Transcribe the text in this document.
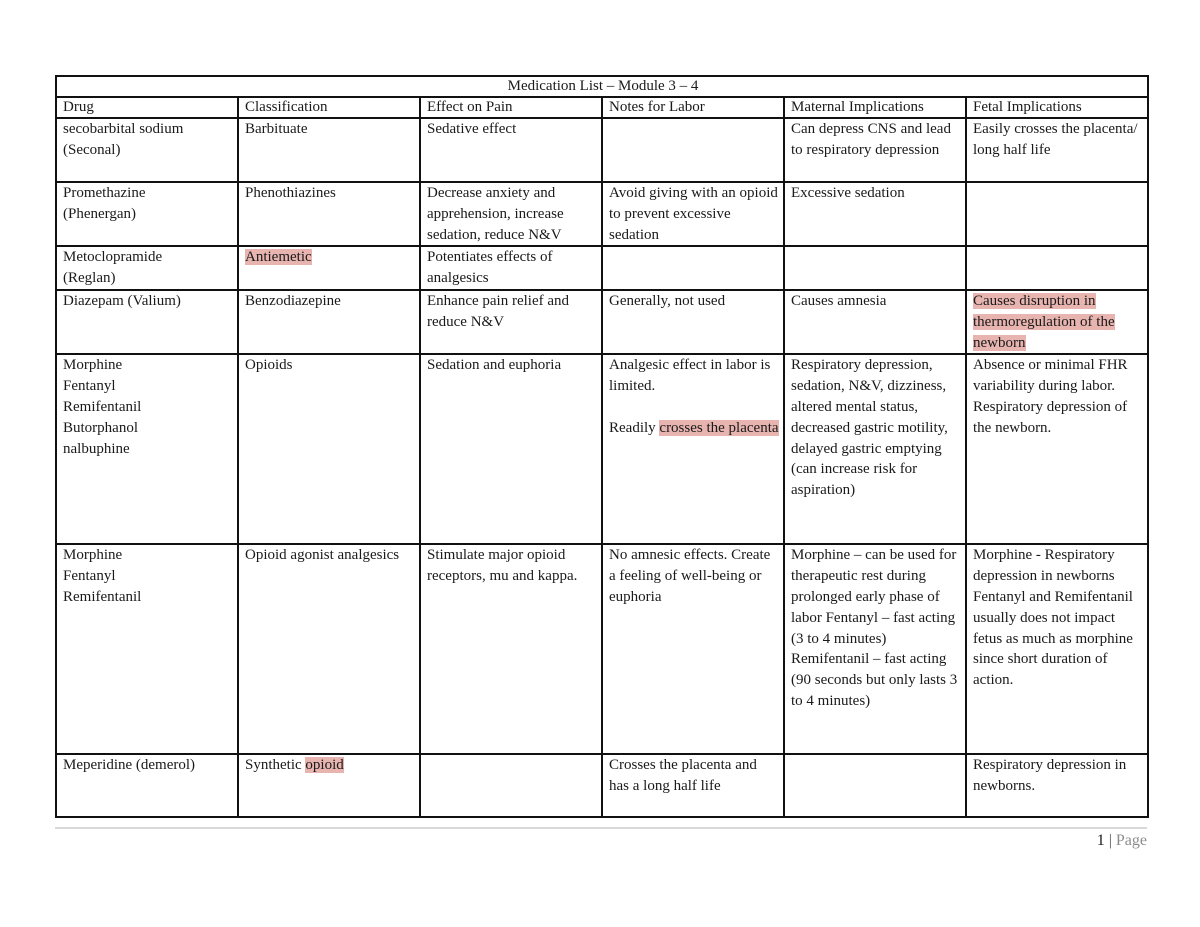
Medication List – Module 3 – 4					
Drug	Classification	Effect on Pain	Notes for Labor	Maternal Implications	Fetal Implications
secobarbital sodium
(Seconal)	Barbituate	Sedative effect		Can depress CNS and lead to respiratory depression	Easily crosses the placenta/ long half life
Promethazine
(Phenergan)	Phenothiazines	Decrease anxiety and apprehension, increase sedation, reduce N&V	Avoid giving with an opioid to prevent excessive sedation	Excessive sedation	
Metoclopramide
(Reglan)	Antiemetic	Potentiates effects of analgesics			
Diazepam (Valium)	Benzodiazepine	Enhance pain relief and reduce N&V	Generally, not used	Causes amnesia	Causes disruption in thermoregulation of the newborn
Morphine
Fentanyl
Remifentanil
Butorphanol
nalbuphine	Opioids	Sedation and euphoria	Analgesic effect in labor is limited.
Readily crosses the placenta	Respiratory depression, sedation, N&V, dizziness, altered mental status, decreased gastric motility, delayed gastric emptying (can increase risk for aspiration)	Absence or minimal FHR variability during labor. Respiratory depression of the newborn.
Morphine
Fentanyl
Remifentanil	Opioid agonist analgesics	Stimulate major opioid receptors, mu and kappa.	No amnesic effects. Create a feeling of well-being or euphoria	Morphine – can be used for therapeutic rest during prolonged early phase of labor Fentanyl – fast acting (3 to 4 minutes) Remifentanil – fast acting (90 seconds but only lasts 3 to 4 minutes)	Morphine - Respiratory depression in newborns Fentanyl and Remifentanil usually does not impact fetus as much as morphine since short duration of action.
Meperidine (demerol)	Synthetic opioid		Crosses the placenta and has a long half life		Respiratory depression in newborns.
1 | Page
